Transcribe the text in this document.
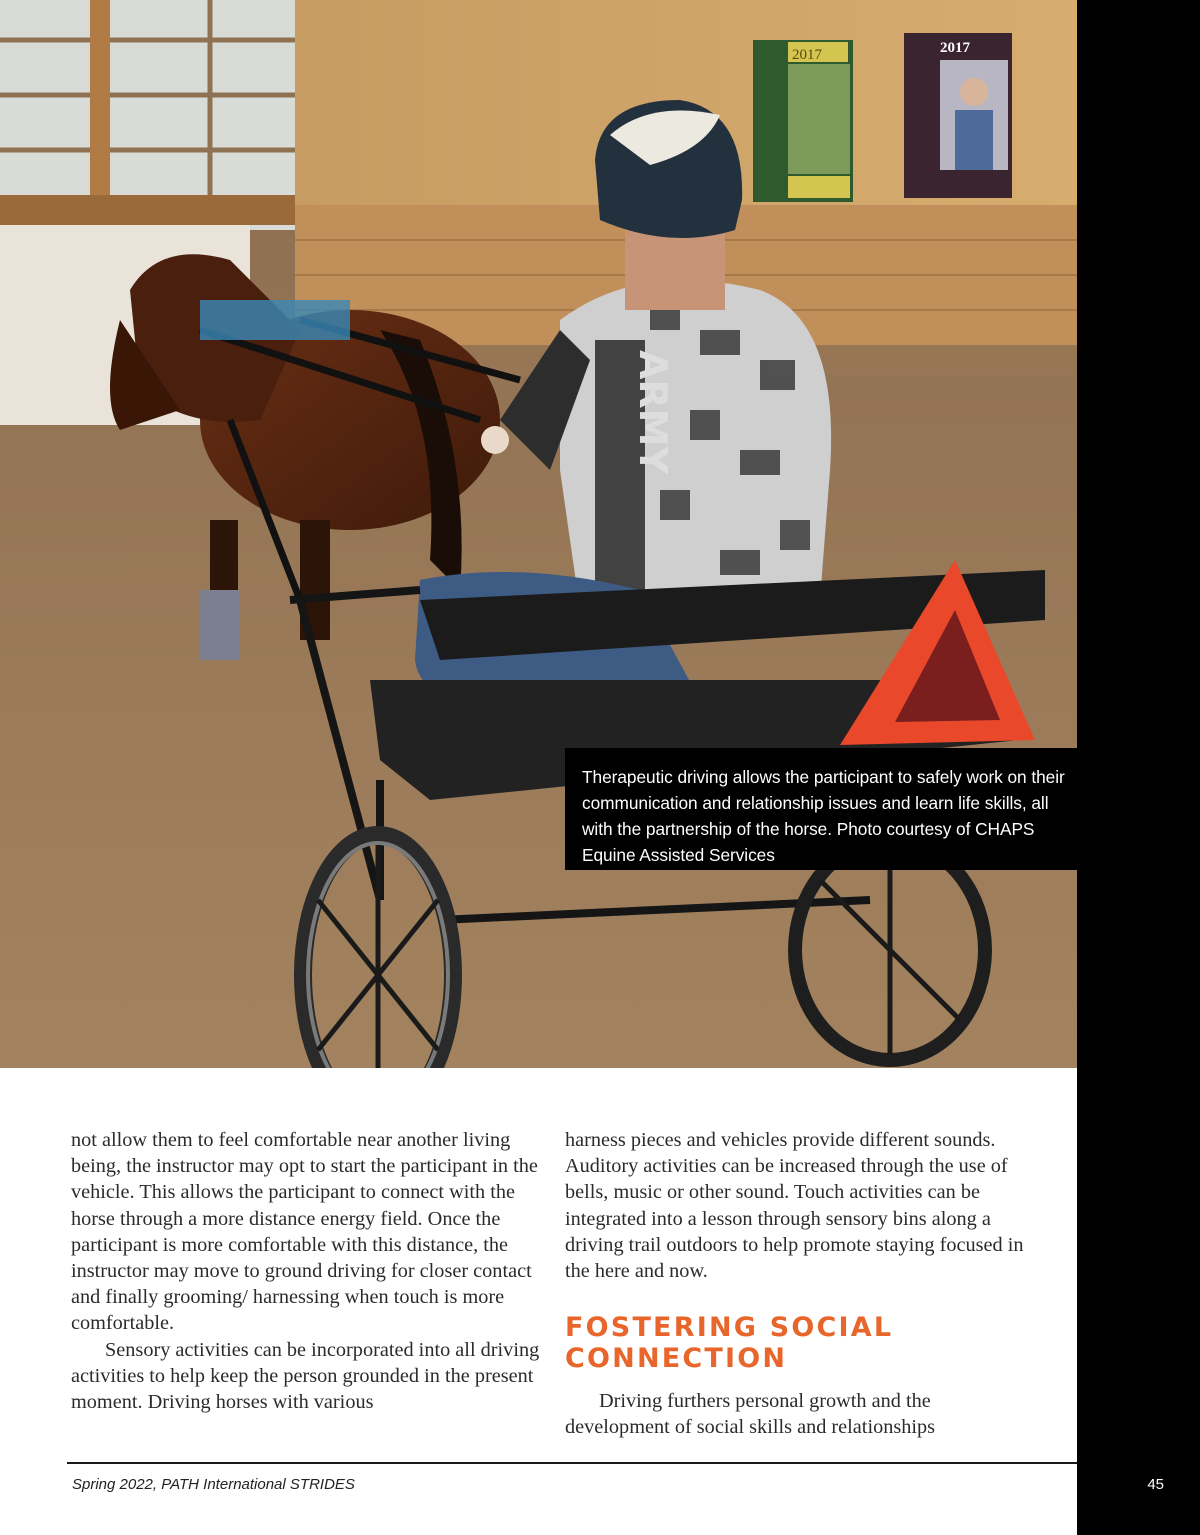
2017	2017
ARMY

Therapeutic driving allows the participant to safely work on their communication and relationship issues and learn life skills, all with the partnership of the horse. Photo courtesy of CHAPS Equine Assisted Services

not allow them to feel comfortable near another living being, the instructor may opt to start the participant in the vehicle. This allows the participant to connect with the horse through a more distance energy field. Once the participant is more comfortable with this distance, the instructor may move to ground driving for closer contact and finally grooming/ harnessing when touch is more comfortable.

Sensory activities can be incorporated into all driving activities to help keep the person grounded in the present moment. Driving horses with various

harness pieces and vehicles provide different sounds. Auditory activities can be increased through the use of bells, music or other sound. Touch activities can be integrated into a lesson through sensory bins along a driving trail outdoors to help promote staying focused in the here and now.

FOSTERING SOCIAL CONNECTION

Driving furthers personal growth and the development of social skills and relationships

Spring 2022, PATH International STRIDES	45
